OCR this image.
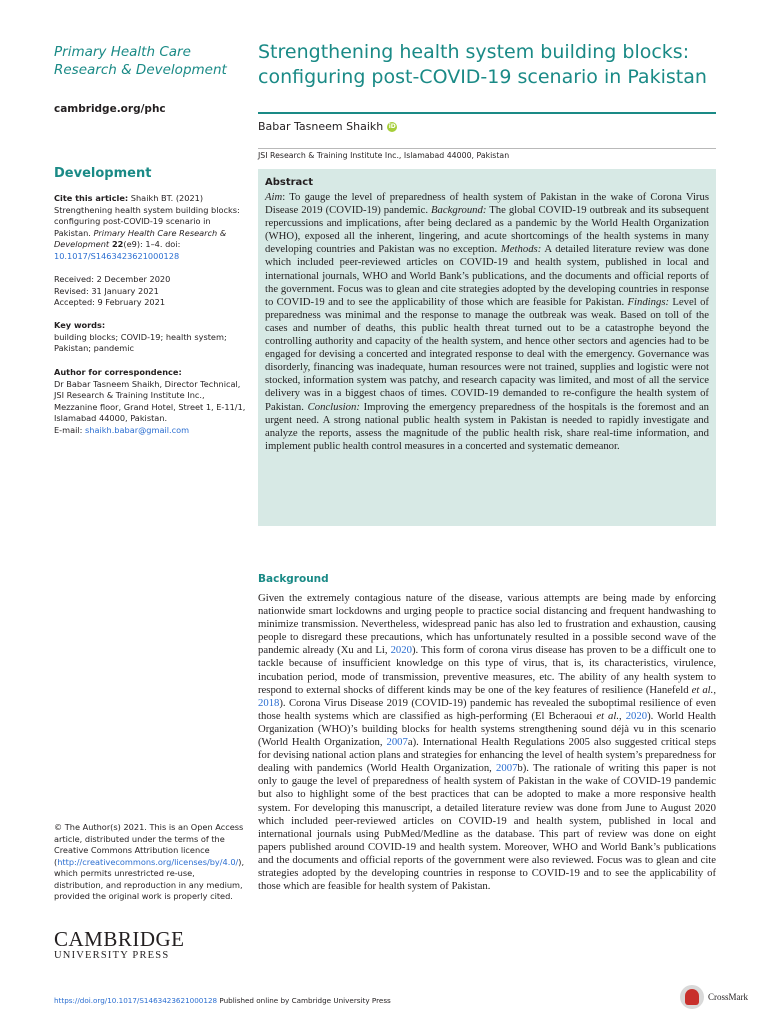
Primary Health Care Research & Development
cambridge.org/phc
Development
Cite this article: Shaikh BT. (2021) Strengthening health system building blocks: configuring post-COVID-19 scenario in Pakistan. Primary Health Care Research & Development 22(e9): 1–4. doi: 10.1017/S1463423621000128

Received: 2 December 2020

Revised: 31 January 2021

Accepted: 9 February 2021

Key words:

building blocks; COVID-19; health system; Pakistan; pandemic

Author for correspondence:

Dr Babar Tasneem Shaikh, Director Technical, JSI Research & Training Institute Inc., Mezzanine floor, Grand Hotel, Street 1, E-11/1, Islamabad 44000, Pakistan.

E-mail: shaikh.babar@gmail.com

© The Author(s) 2021. This is an Open Access article, distributed under the terms of the Creative Commons Attribution licence (http://creativecommons.org/licenses/by/4.0/), which permits unrestricted re-use, distribution, and reproduction in any medium, provided the original work is properly cited.
CAMBRIDGE
UNIVERSITY PRESS
Strengthening health system building blocks: configuring post-COVID-19 scenario in Pakistan
Babar Tasneem Shaikh iD
JSI Research & Training Institute Inc., Islamabad 44000, Pakistan

Abstract

Aim: To gauge the level of preparedness of health system of Pakistan in the wake of Corona Virus Disease 2019 (COVID-19) pandemic. Background: The global COVID-19 outbreak and its subsequent repercussions and implications, after being declared as a pandemic by the World Health Organization (WHO), exposed all the inherent, lingering, and acute shortcomings of the health systems in many developing countries and Pakistan was no exception. Methods: A detailed literature review was done which included peer-reviewed articles on COVID-19 and health system, published in local and international journals, WHO and World Bank’s publications, and the documents and official reports of the government. Focus was to glean and cite strategies adopted by the developing countries in response to COVID-19 and to see the applicability of those which are feasible for Pakistan. Findings: Level of preparedness was minimal and the response to manage the outbreak was weak. Based on toll of the cases and number of deaths, this public health threat turned out to be a catastrophe beyond the controlling authority and capacity of the health system, and hence other sectors and agencies had to be engaged for devising a concerted and integrated response to deal with the emergency. Governance was disorderly, financing was inadequate, human resources were not trained, supplies and logistic were not stocked, information system was patchy, and research capacity was limited, and most of all the service delivery was in a biggest chaos of times. COVID-19 demanded to re-configure the health system of Pakistan. Conclusion: Improving the emergency preparedness of the hospitals is the foremost and an urgent need. A strong national public health system in Pakistan is needed to rapidly investigate and analyze the reports, assess the magnitude of the public health risk, share real-time information, and implement public health control measures in a concerted and systematic demeanor.

Background

Given the extremely contagious nature of the disease, various attempts are being made by enforcing nationwide smart lockdowns and urging people to practice social distancing and frequent handwashing to minimize transmission. Nevertheless, widespread panic has also led to frustration and exhaustion, causing people to disregard these precautions, which has unfortunately resulted in a possible second wave of the pandemic already (Xu and Li, 2020). This form of corona virus disease has proven to be a difficult one to tackle because of insufficient knowledge on this type of virus, that is, its characteristics, virulence, incubation period, mode of transmission, preventive measures, etc. The ability of any health system to respond to external shocks of different kinds may be one of the key features of resilience (Hanefeld et al., 2018). Corona Virus Disease 2019 (COVID-19) pandemic has revealed the suboptimal resilience of even those health systems which are classified as high-performing (El Bcheraoui et al., 2020). World Health Organization (WHO)’s building blocks for health systems strengthening sound déjà vu in this scenario (World Health Organization, 2007a). International Health Regulations 2005 also suggested critical steps for devising national action plans and strategies for enhancing the level of health system’s preparedness for dealing with pandemics (World Health Organization, 2007b). The rationale of writing this paper is not only to gauge the level of preparedness of health system of Pakistan in the wake of COVID-19 pandemic but also to highlight some of the best practices that can be adopted to make a more responsive health system. For developing this manuscript, a detailed literature review was done from June to August 2020 which included peer-reviewed articles on COVID-19 and health system, published in local and international journals using PubMed/Medline as the database. This part of review was done on eight papers published around COVID-19 and health system. Moreover, WHO and World Bank’s publications and the documents and official reports of the government were also reviewed. Focus was to glean and cite strategies adopted by the developing countries in response to COVID-19 and to see the applicability of those which are feasible for health system of Pakistan.

https://doi.org/10.1017/S1463423621000128 Published online by Cambridge University Press	CrossMark
